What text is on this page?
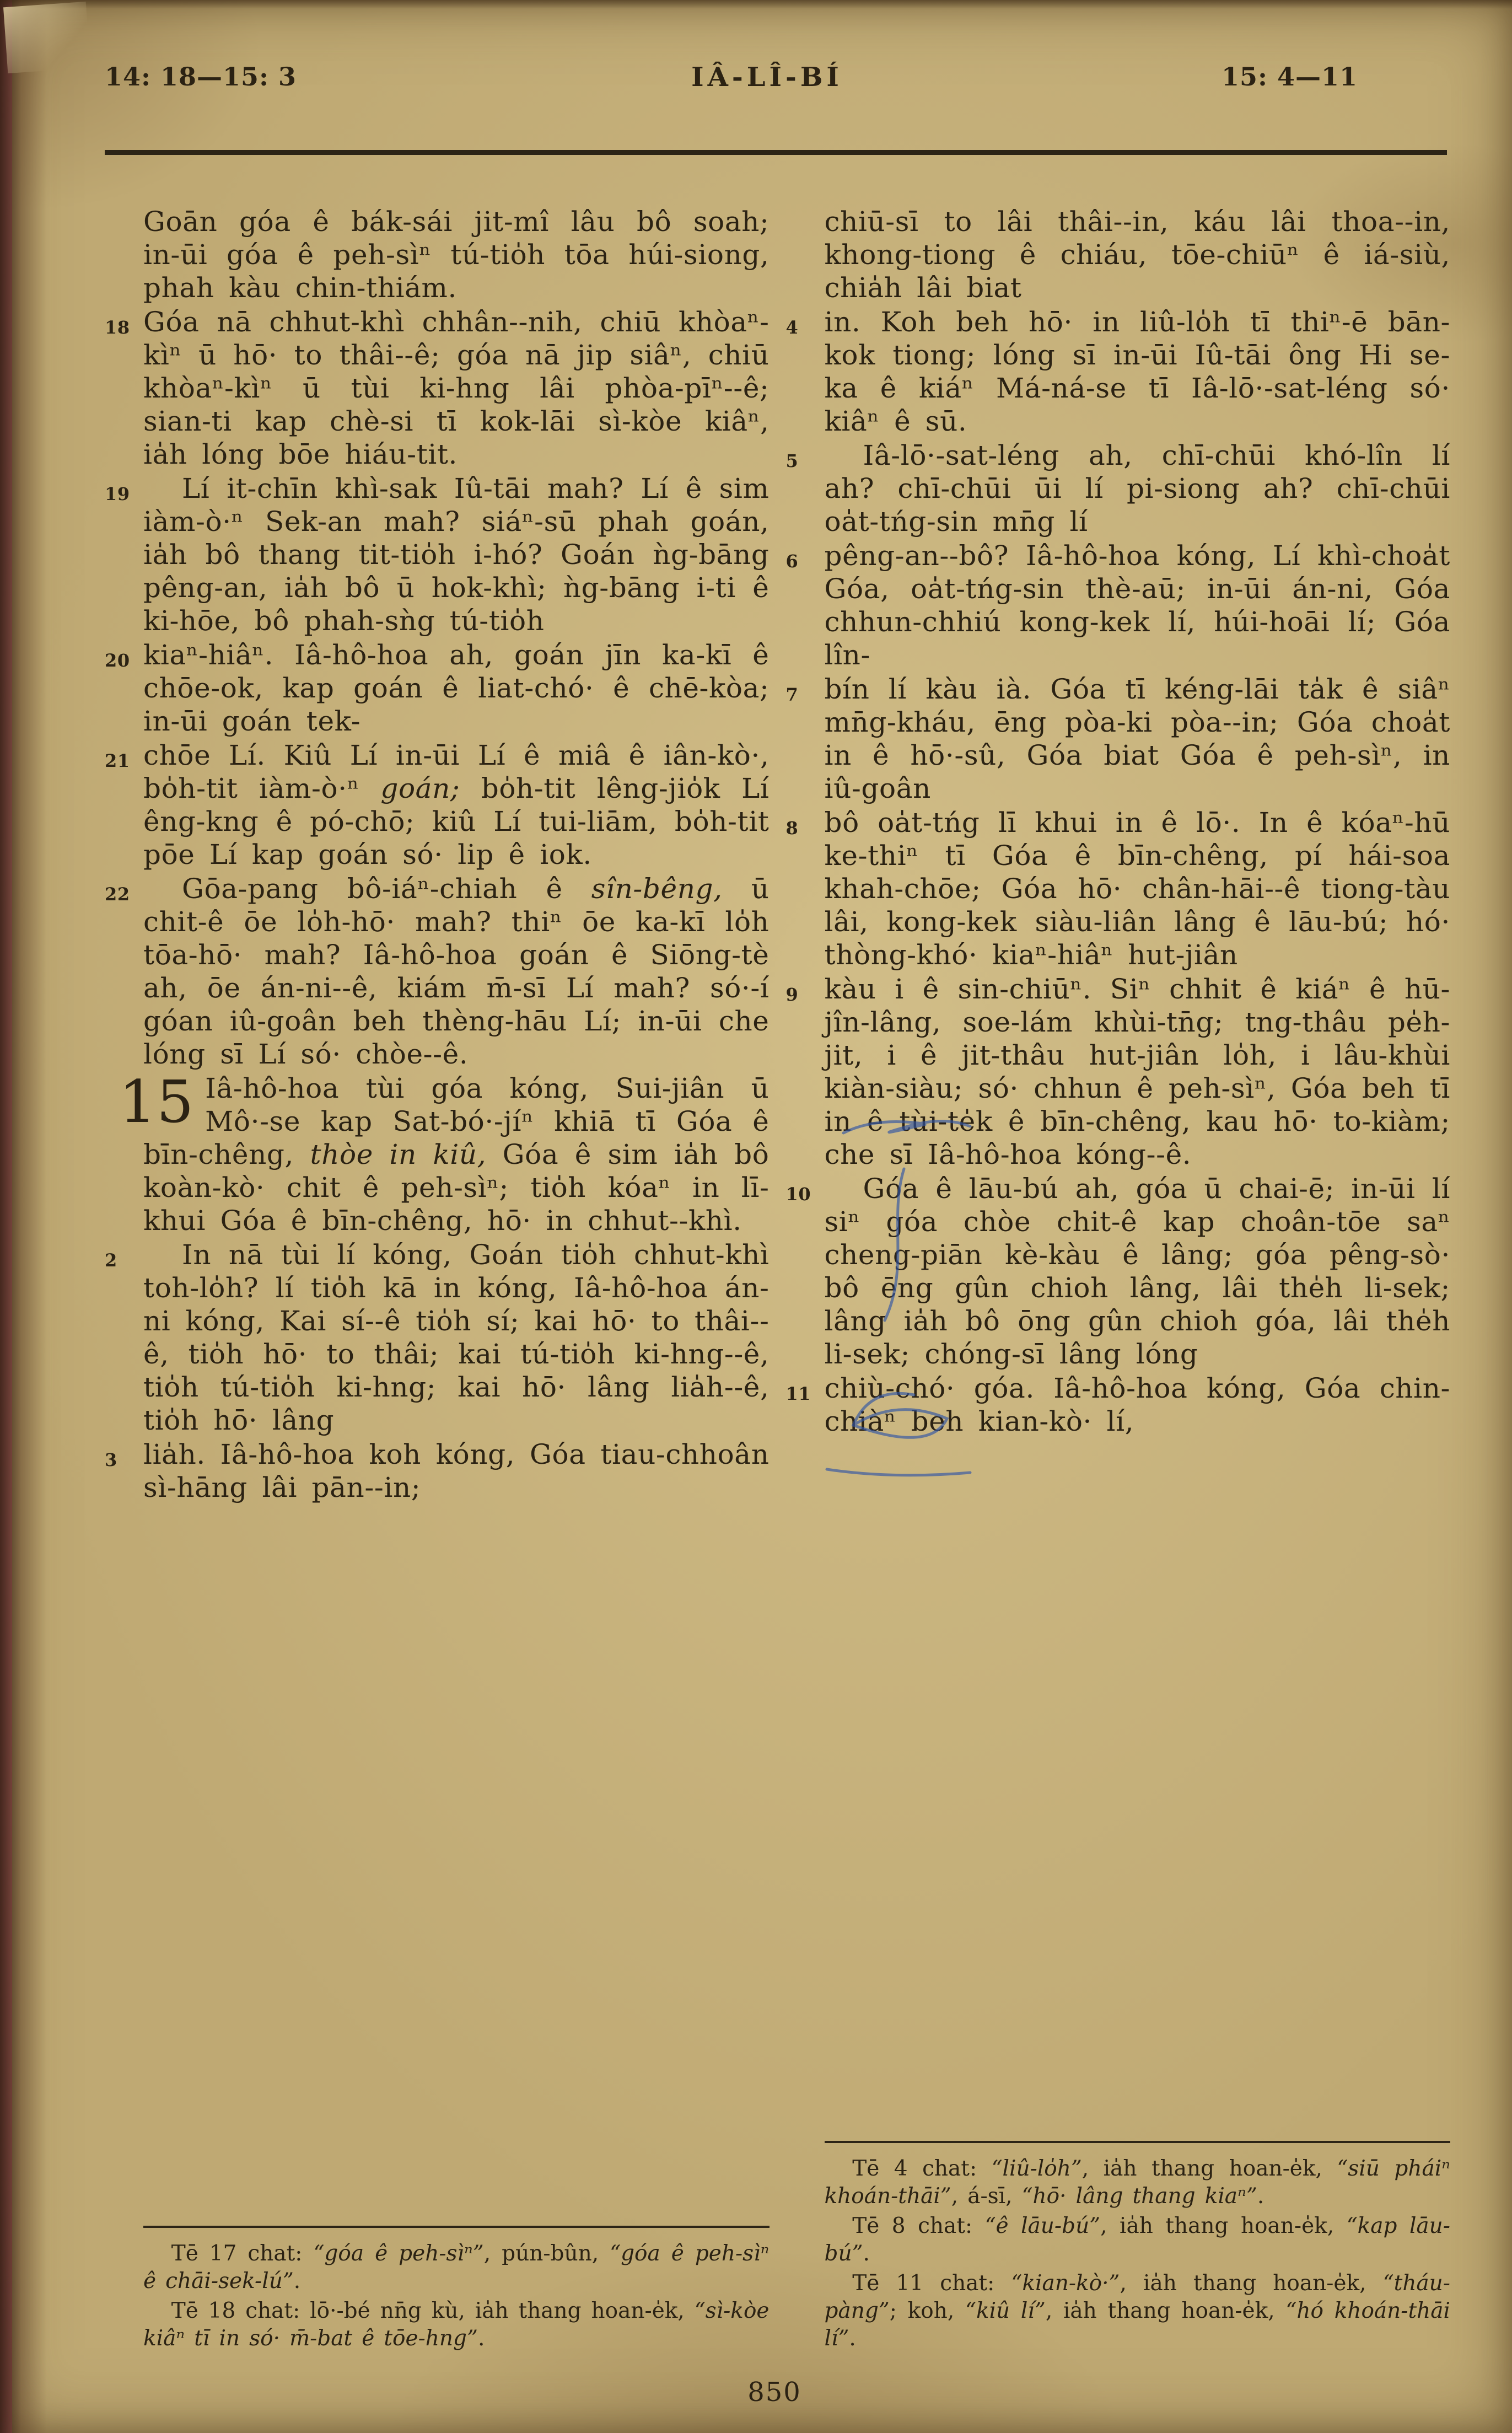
14: 18—15: 3	IÂ-LÎ-BÍ	15: 4—11
Goān góa ê bák-sái jit-mî lâu bô soah; in-ūi góa ê peh-sìⁿ tú-tio̍h tōa húi-siong, phah kàu chin-thiám.
18 Góa nā chhut-khì chhân--nih, chiū khòaⁿ-kìⁿ ū hō· to thâi--ê; góa nā jip siâⁿ, chiū khòaⁿ-kìⁿ ū tùi ki-hng lâi phòa-pīⁿ--ê; sian-ti kap chè-si tī kok-lāi sì-kòe kiâⁿ, ia̍h lóng bōe hiáu-tit.
19 Lí it-chīn khì-sak Iû-tāi mah? Lí ê sim iàm-ò·ⁿ Sek-an mah? siáⁿ-sū phah goán, ia̍h bô thang tit-tio̍h i-hó? Goán ǹg-bāng pêng-an, ia̍h bô ū hok-khì; ǹg-bāng i-ti ê ki-hōe, bô phah-sǹg tú-tio̍h
20 kiaⁿ-hiâⁿ. Iâ-hô-hoa ah, goán jīn ka-kī ê chōe-ok, kap goán ê liat-chó· ê chē-kòa; in-ūi goán tek-
21 chōe Lí. Kiû Lí in-ūi Lí ê miâ ê iân-kò·, bo̍h-tit iàm-ò·ⁿ goán; bo̍h-tit lêng-jio̍k Lí êng-kng ê pó-chō; kiû Lí tui-liām, bo̍h-tit pōe Lí kap goán só· lip ê iok.
22 Gōa-pang bô-iáⁿ-chiah ê sîn-bêng, ū chit-ê ōe lo̍h-hō· mah? thiⁿ ōe ka-kī lo̍h tōa-hō· mah? Iâ-hô-hoa goán ê Siōng-tè ah, ōe án-ni--ê, kiám m̄-sī Lí mah? só·-í góan iû-goân beh thèng-hāu Lí; in-ūi che lóng sī Lí só· chòe--ê.
15 Iâ-hô-hoa tùi góa kóng, Sui-jiân ū Mô·-se kap Sat-bó·-jíⁿ khiā tī Góa ê bīn-chêng, thòe in kiû, Góa ê sim ia̍h bô koàn-kò· chit ê peh-sìⁿ; tio̍h kóaⁿ in lī-khui Góa ê bīn-chêng, hō· in chhut--khì.
2 In nā tùi lí kóng, Goán tio̍h chhut-khì toh-lo̍h? lí tio̍h kā in kóng, Iâ-hô-hoa án-ni kóng, Kai sí--ê tio̍h sí; kai hō· to thâi--ê, tio̍h hō· to thâi; kai tú-tio̍h ki-hng--ê, tio̍h tú-tio̍h ki-hng; kai hō· lâng lia̍h--ê, tio̍h hō· lâng
3 lia̍h. Iâ-hô-hoa koh kóng, Góa tiau-chhoân sì-hāng lâi pān--in;

Tē 17 chat: “góa ê peh-sìⁿ”, pún-bûn, “góa ê peh-sìⁿ ê chāi-sek-lú”.

Tē 18 chat: lō·-bé nn̄g kù, ia̍h thang hoan-e̍k, “sì-kòe kiâⁿ tī in só· m̄-bat ê tōe-hng”.

chiū-sī to lâi thâi--in, káu lâi thoa--in, khong-tiong ê chiáu, tōe-chiūⁿ ê iá-siù, chia̍h lâi biat
4 in. Koh beh hō· in liû-lo̍h tī thiⁿ-ē bān-kok tiong; lóng sī in-ūi Iû-tāi ông Hi se-ka ê kiáⁿ Má-ná-se tī Iâ-lō·-sat-léng só· kiâⁿ ê sū.
5 Iâ-lō·-sat-léng ah, chī-chūi khó-lîn lí ah? chī-chūi ūi lí pi-siong ah? chī-chūi oa̍t-tńg-sin mn̄g lí
6 pêng-an--bô? Iâ-hô-hoa kóng, Lí khì-choa̍t Góa, oa̍t-tńg-sin thè-aū; in-ūi án-ni, Góa chhun-chhiú kong-kek lí, húi-hoāi lí; Góa lîn-
7 bín lí kàu ià. Góa tī kéng-lāi ta̍k ê siâⁿ mn̄g-kháu, ēng pòa-ki pòa--in; Góa choa̍t in ê hō·-sû, Góa biat Góa ê peh-sìⁿ, in iû-goân
8 bô oa̍t-tńg lī khui in ê lō·. In ê kóaⁿ-hū ke-thiⁿ tī Góa ê bīn-chêng, pí hái-soa khah-chōe; Góa hō· chân-hāi--ê tiong-tàu lâi, kong-kek siàu-liân lâng ê lāu-bú; hó· thòng-khó· kiaⁿ-hiâⁿ hut-jiân
9 kàu i ê sin-chiūⁿ. Siⁿ chhit ê kiáⁿ ê hū-jîn-lâng, soe-lám khùi-tn̄g; tng-thâu pe̍h-jit, i ê jit-thâu hut-jiân lo̍h, i lâu-khùi kiàn-siàu; só· chhun ê peh-sìⁿ, Góa beh tī in ê tùi-te̍k ê bīn-chêng, kau hō· to-kiàm; che sī Iâ-hô-hoa kóng--ê.
10 Góa ê lāu-bú ah, góa ū chai-ē; in-ūi lí siⁿ góa chòe chit-ê kap choân-tōe saⁿ cheng-piān kè-kàu ê lâng; góa pêng-sò· bô ēng gûn chioh lâng, lâi the̍h li-sek; lâng ia̍h bô ōng gûn chioh góa, lâi the̍h li-sek; chóng-sī lâng lóng
11 chiù-chó· góa. Iâ-hô-hoa kóng, Góa chin-chiàⁿ beh kian-kò· lí,

Tē 4 chat: “liû-lo̍h”, ia̍h thang hoan-e̍k, “siū pháiⁿ khoán-thāi”, á-sī, “hō· lâng thang kiaⁿ”.

Tē 8 chat: “ê lāu-bú”, ia̍h thang hoan-e̍k, “kap lāu-bú”.

Tē 11 chat: “kian-kò·”, ia̍h thang hoan-e̍k, “tháu-pàng”; koh, “kiû lí”, ia̍h thang hoan-e̍k, “hó khoán-thāi lí”.

850
